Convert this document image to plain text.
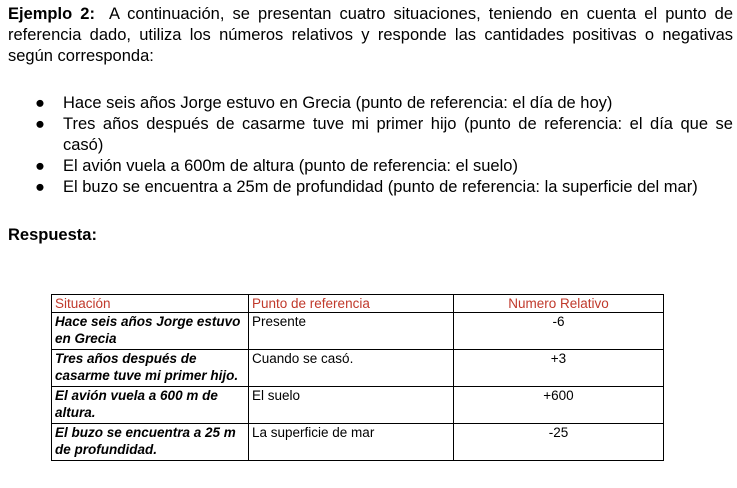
Ejemplo 2: A continuación, se presentan cuatro situaciones, teniendo en cuenta el punto de referencia dado, utiliza los números relativos y responde las cantidades positivas o negativas según corresponda:

● Hace seis años Jorge estuvo en Grecia (punto de referencia: el día de hoy)
● Tres años después de casarme tuve mi primer hijo (punto de referencia: el día que se casó)
● El avión vuela a 600m de altura (punto de referencia: el suelo)
● El buzo se encuentra a 25m de profundidad (punto de referencia: la superficie del mar)

Respuesta:

Situación	Punto de referencia	Numero Relativo
Hace seis años Jorge estuvo en Grecia	Presente	-6
Tres años después de casarme tuve mi primer hijo.	Cuando se casó.	+3
El avión vuela a 600 m de altura.	El suelo	+600
El buzo se encuentra a 25 m de profundidad.	La superficie de mar	-25
